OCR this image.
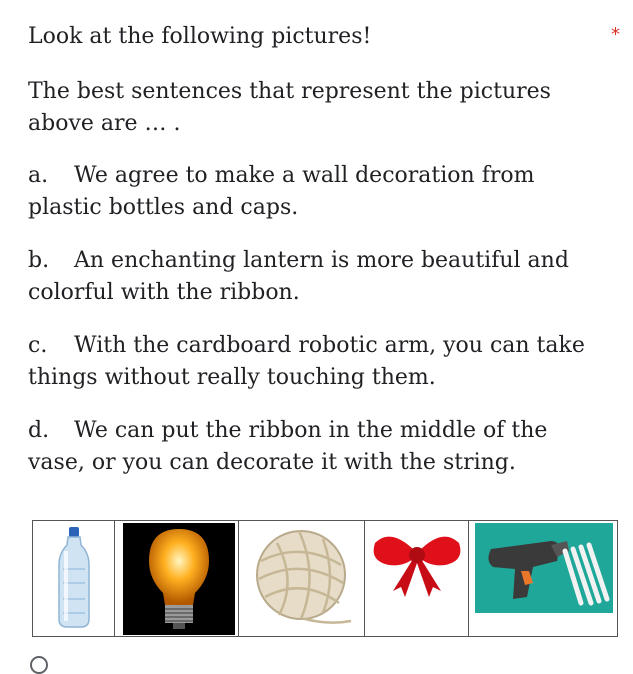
Look at the following pictures!	*
The best sentences that represent the pictures above are … .
a. We agree to make a wall decoration from plastic bottles and caps.
b. An enchanting lantern is more beautiful and colorful with the ribbon.
c. With the cardboard robotic arm, you can take things without really touching them.
d. We can put the ribbon in the middle of the vase, or you can decorate it with the string.
